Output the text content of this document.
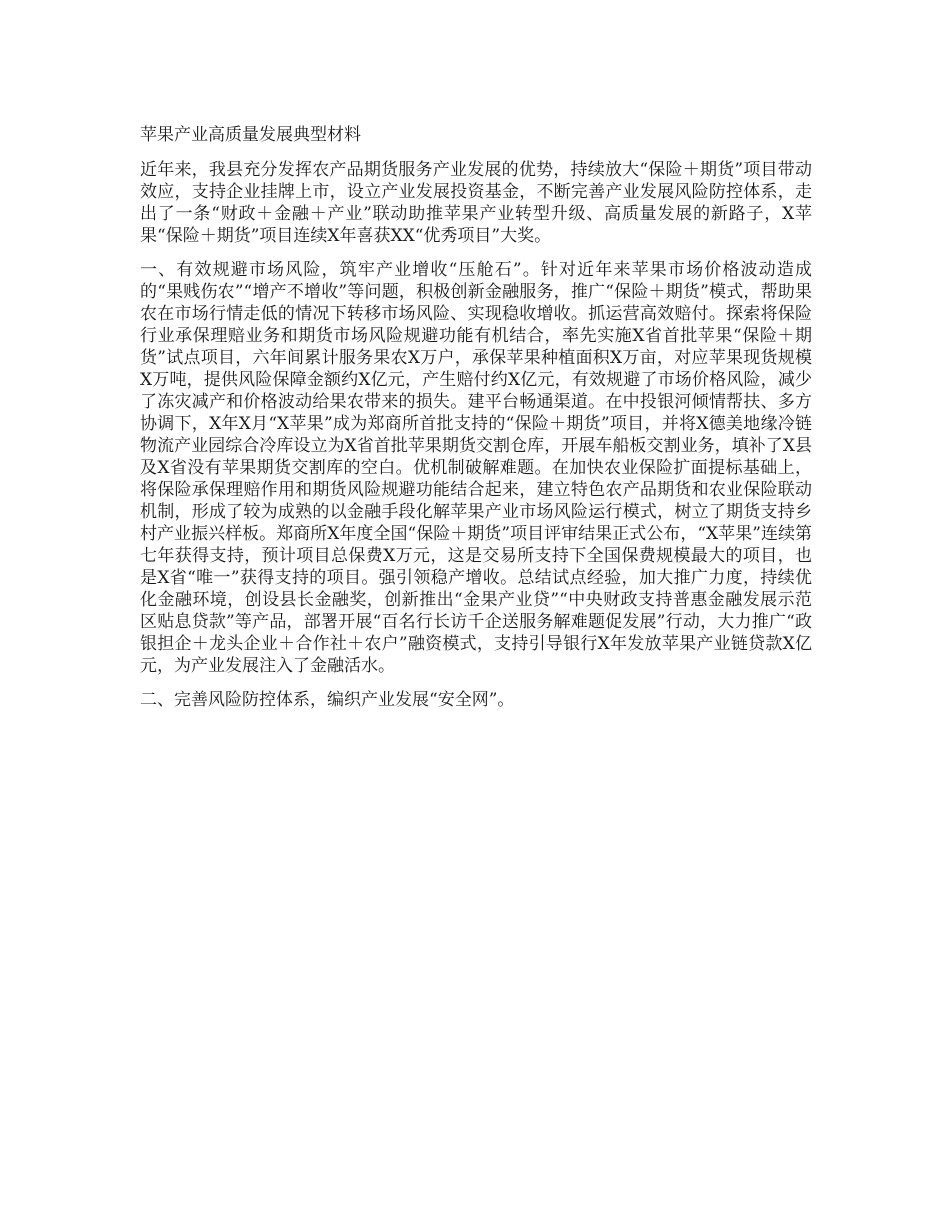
苹果产业高质量发展典型材料

近年来，我县充分发挥农产品期货服务产业发展的优势，持续放大“保险＋期货”项目带动效应，支持企业挂牌上市，设立产业发展投资基金，不断完善产业发展风险防控体系，走出了一条“财政＋金融＋产业”联动助推苹果产业转型升级、高质量发展的新路子，X苹果“保险＋期货”项目连续X年喜获XX“优秀项目”大奖。

一、有效规避市场风险，筑牢产业增收“压舱石”。针对近年来苹果市场价格波动造成的“果贱伤农”“增产不增收”等问题，积极创新金融服务，推广“保险＋期货”模式，帮助果农在市场行情走低的情况下转移市场风险、实现稳收增收。抓运营高效赔付。探索将保险行业承保理赔业务和期货市场风险规避功能有机结合，率先实施X省首批苹果“保险＋期货”试点项目，六年间累计服务果农X万户，承保苹果种植面积X万亩，对应苹果现货规模X万吨，提供风险保障金额约X亿元，产生赔付约X亿元，有效规避了市场价格风险，减少了冻灾减产和价格波动给果农带来的损失。建平台畅通渠道。在中投银河倾情帮扶、多方协调下，X年X月“X苹果”成为郑商所首批支持的“保险＋期货”项目，并将X德美地缘冷链物流产业园综合冷库设立为X省首批苹果期货交割仓库，开展车船板交割业务，填补了X县及X省没有苹果期货交割库的空白。优机制破解难题。在加快农业保险扩面提标基础上，将保险承保理赔作用和期货风险规避功能结合起来，建立特色农产品期货和农业保险联动机制，形成了较为成熟的以金融手段化解苹果产业市场风险运行模式，树立了期货支持乡村产业振兴样板。郑商所X年度全国“保险＋期货”项目评审结果正式公布，“X苹果”连续第七年获得支持，预计项目总保费X万元，这是交易所支持下全国保费规模最大的项目，也是X省“唯一”获得支持的项目。强引领稳产增收。总结试点经验，加大推广力度，持续优化金融环境，创设县长金融奖，创新推出“金果产业贷”“中央财政支持普惠金融发展示范区贴息贷款”等产品，部署开展“百名行长访千企送服务解难题促发展”行动，大力推广“政银担企＋龙头企业＋合作社＋农户”融资模式，支持引导银行X年发放苹果产业链贷款X亿元，为产业发展注入了金融活水。

二、完善风险防控体系，编织产业发展“安全网”。
